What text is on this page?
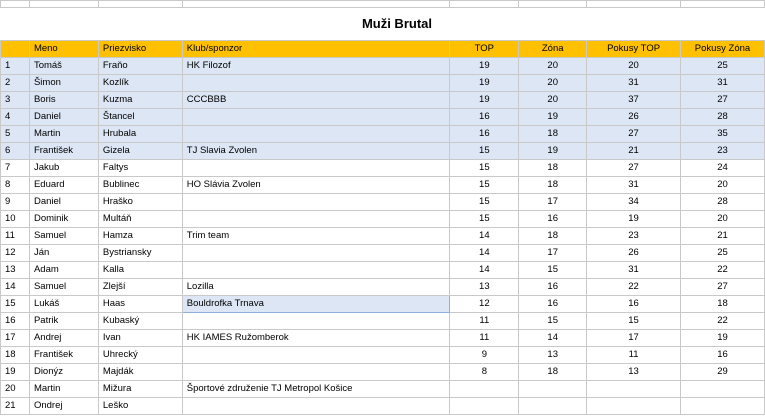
	Muži Brutal						
	Meno	Priezvisko	Klub/sponzor	TOP	Zóna	Pokusy TOP	Pokusy Zóna
1	Tomáš	Fraňo	HK Filozof	19	20	20	25
2	Šimon	Kozlík		19	20	31	31
3	Boris	Kuzma	CCCBBB	19	20	37	27
4	Daniel	Štancel		16	19	26	28
5	Martin	Hrubala		16	18	27	35
6	František	Gizela	TJ Slavia Zvolen	15	19	21	23
7	Jakub	Faltys		15	18	27	24
8	Eduard	Bublinec	HO Slávia Zvolen	15	18	31	20
9	Daniel	Hraško		15	17	34	28
10	Dominik	Multáň		15	16	19	20
11	Samuel	Hamza	Trim team	14	18	23	21
12	Ján	Bystriansky		14	17	26	25
13	Adam	Kalla		14	15	31	22
14	Samuel	Zlejší	Lozilla	13	16	22	27
15	Lukáš	Haas	Bouldrofka Trnava	12	16	16	18
16	Patrik	Kubaský		11	15	15	22
17	Andrej	Ivan	HK IAMES Ružomberok	11	14	17	19
18	František	Uhrecký		9	13	11	16
19	Dionýz	Majdák		8	18	13	29
20	Martin	Mižura	Športové združenie TJ Metropol Košice				
21	Ondrej	Leško					
